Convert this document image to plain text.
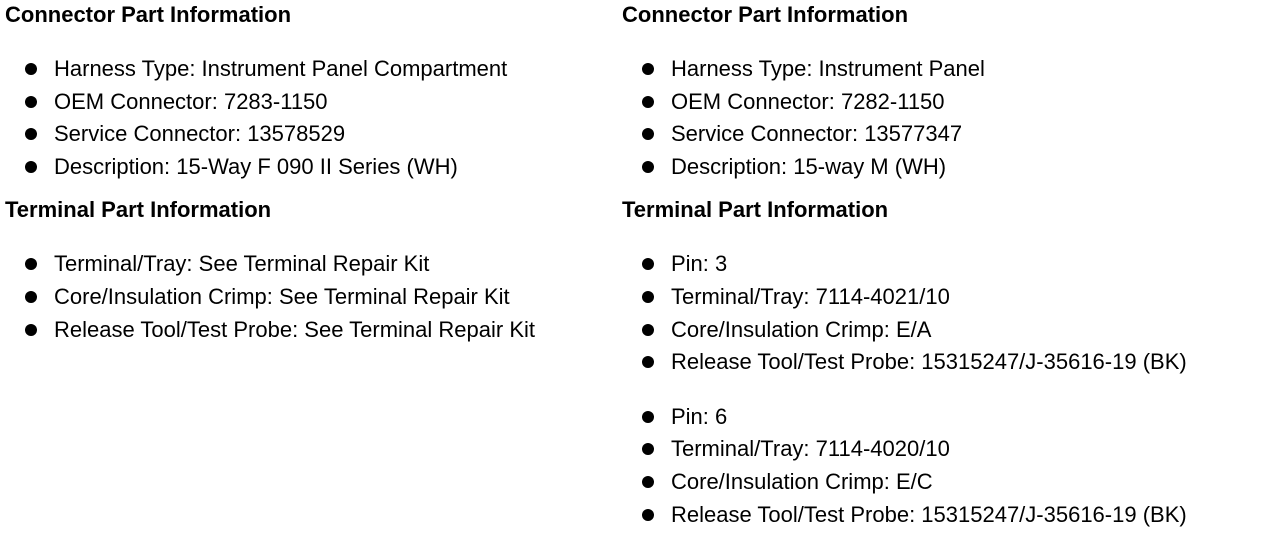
Connector Part Information
Harness Type: Instrument Panel Compartment
OEM Connector: 7283-1150
Service Connector: 13578529
Description: 15-Way F 090 II Series (WH)
Terminal Part Information
Terminal/Tray: See Terminal Repair Kit
Core/Insulation Crimp: See Terminal Repair Kit
Release Tool/Test Probe: See Terminal Repair Kit
Connector Part Information
Harness Type: Instrument Panel
OEM Connector: 7282-1150
Service Connector: 13577347
Description: 15-way M (WH)
Terminal Part Information
Pin: 3
Terminal/Tray: 7114-4021/10
Core/Insulation Crimp: E/A
Release Tool/Test Probe: 15315247/J-35616-19 (BK)
Pin: 6
Terminal/Tray: 7114-4020/10
Core/Insulation Crimp: E/C
Release Tool/Test Probe: 15315247/J-35616-19 (BK)
